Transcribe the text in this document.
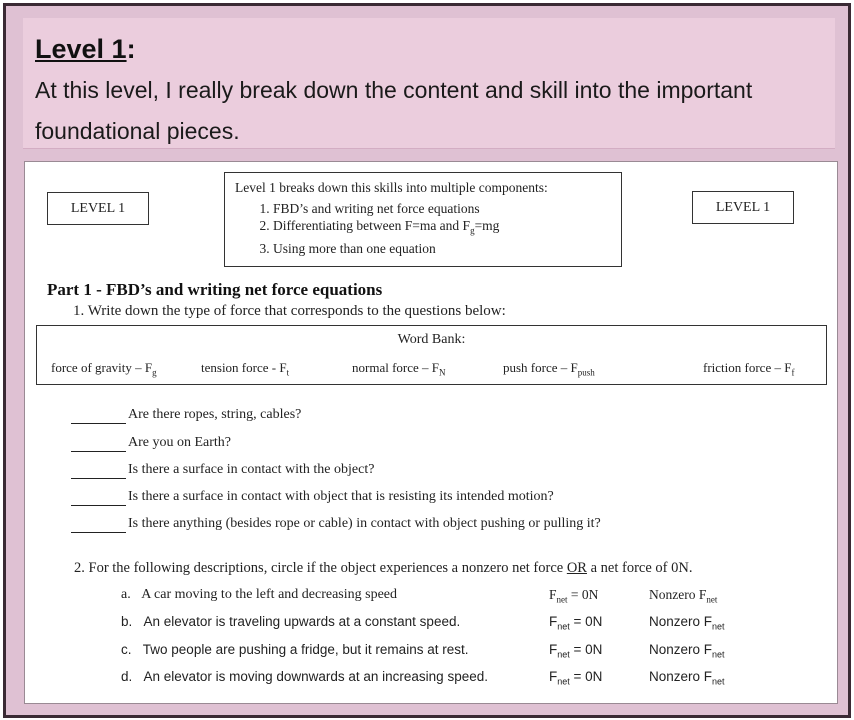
Level 1:
At this level, I really break down the content and skill into the important foundational pieces.
LEVEL 1	LEVEL 1
Level 1 breaks down this skills into multiple components:
1. FBD’s and writing net force equations
2. Differentiating between F=ma and $F_g=mg$
3. Using more than one equation
Part 1 - FBD’s and writing net force equations
1. Write down the type of force that corresponds to the questions below:
Word Bank:
force of gravity – $F_g$	tension force - $F_t$	normal force – $F_N$	push force – $F_{push}$	friction force – $F_f$
Are there ropes, string, cables?
Are you on Earth?
Is there a surface in contact with the object?
Is there a surface in contact with object that is resisting its intended motion?
Is there anything (besides rope or cable) in contact with object pushing or pulling it?
2. For the following descriptions, circle if the object experiences a nonzero net force OR a net force of 0N.
a. A car moving to the left and decreasing speed	$F_{net} = 0N$	Nonzero $F_{net}$
b. An elevator is traveling upwards at a constant speed.	$F_{net} = 0N$	Nonzero $F_{net}$
c. Two people are pushing a fridge, but it remains at rest.	$F_{net} = 0N$	Nonzero $F_{net}$
d. An elevator is moving downwards at an increasing speed.	$F_{net} = 0N$	Nonzero $F_{net}$
